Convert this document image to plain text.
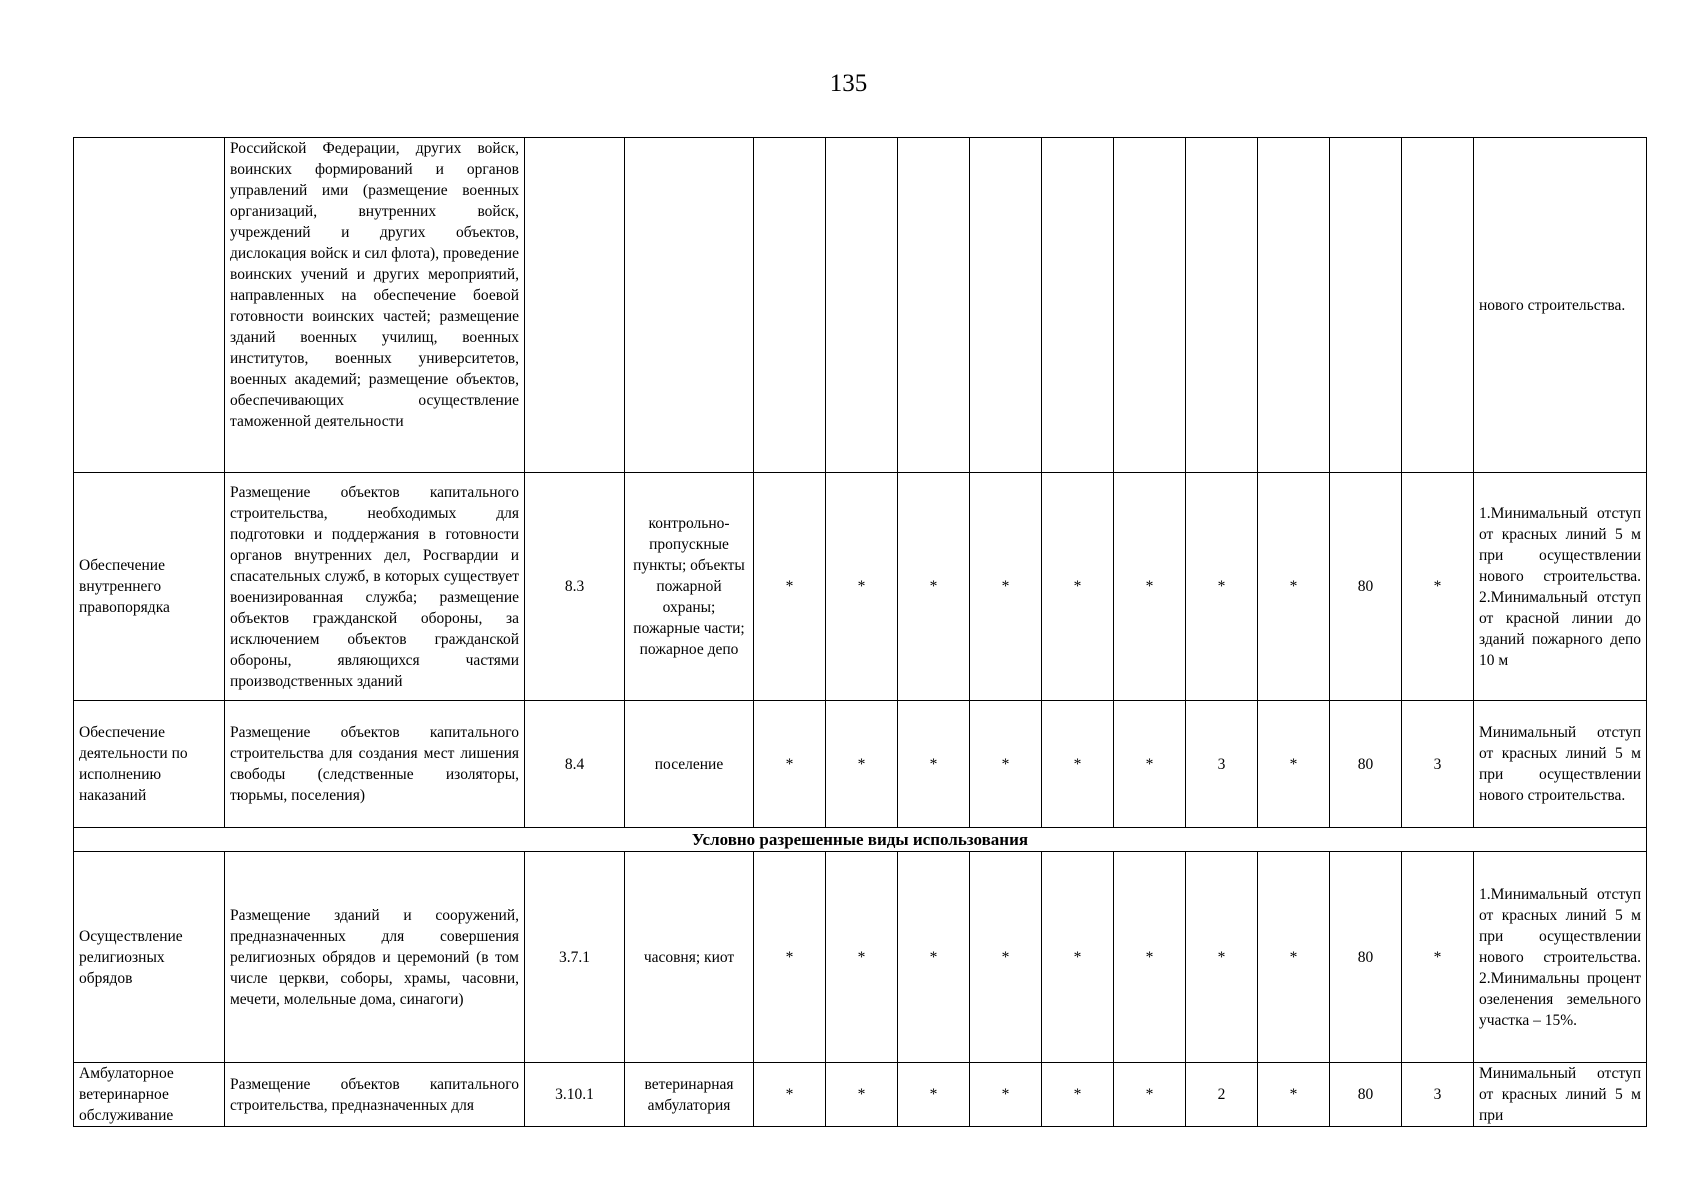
135
	Российской Федерации, других войск, воинских формирований и органов управлений ими (размещение военных организаций, внутренних войск, учреждений и других объектов, дислокация войск и сил флота), проведение воинских учений и других мероприятий, направленных на обеспечение боевой готовности воинских частей; размещение зданий военных училищ, военных институтов, военных университетов, военных академий; размещение объектов, обеспечивающих осуществление таможенной деятельности													нового строительства.
Обеспечение внутреннего правопорядка	Размещение объектов капитального строительства, необходимых для подготовки и поддержания в готовности органов внутренних дел, Росгвардии и спасательных служб, в которых существует военизированная служба; размещение объектов гражданской обороны, за исключением объектов гражданской обороны, являющихся частями производственных зданий	8.3	контрольно-пропускные пункты; объекты пожарной охраны; пожарные части; пожарное депо	*	*	*	*	*	*	*	*	80	*	1.Минимальный отступ от красных линий 5 м при осуществлении нового строительства. 2.Минимальный отступ от красной линии до зданий пожарного депо 10 м
Обеспечение деятельности по исполнению наказаний	Размещение объектов капитального строительства для создания мест лишения свободы (следственные изоляторы, тюрьмы, поселения)	8.4	поселение	*	*	*	*	*	*	3	*	80	3	Минимальный отступ от красных линий 5 м при осуществлении нового строительства.
Условно разрешенные виды использования														
Осуществление религиозных обрядов	Размещение зданий и сооружений, предназначенных для совершения религиозных обрядов и церемоний (в том числе церкви, соборы, храмы, часовни, мечети, молельные дома, синагоги)	3.7.1	часовня; киот	*	*	*	*	*	*	*	*	80	*	1.Минимальный отступ от красных линий 5 м при осуществлении нового строительства. 2.Минимальны процент озеленения земельного участка – 15%.
Амбулаторное ветеринарное обслуживание	Размещение объектов капитального строительства, предназначенных для	3.10.1	ветеринарная амбулатория	*	*	*	*	*	*	2	*	80	3	Минимальный отступ от красных линий 5 м при
